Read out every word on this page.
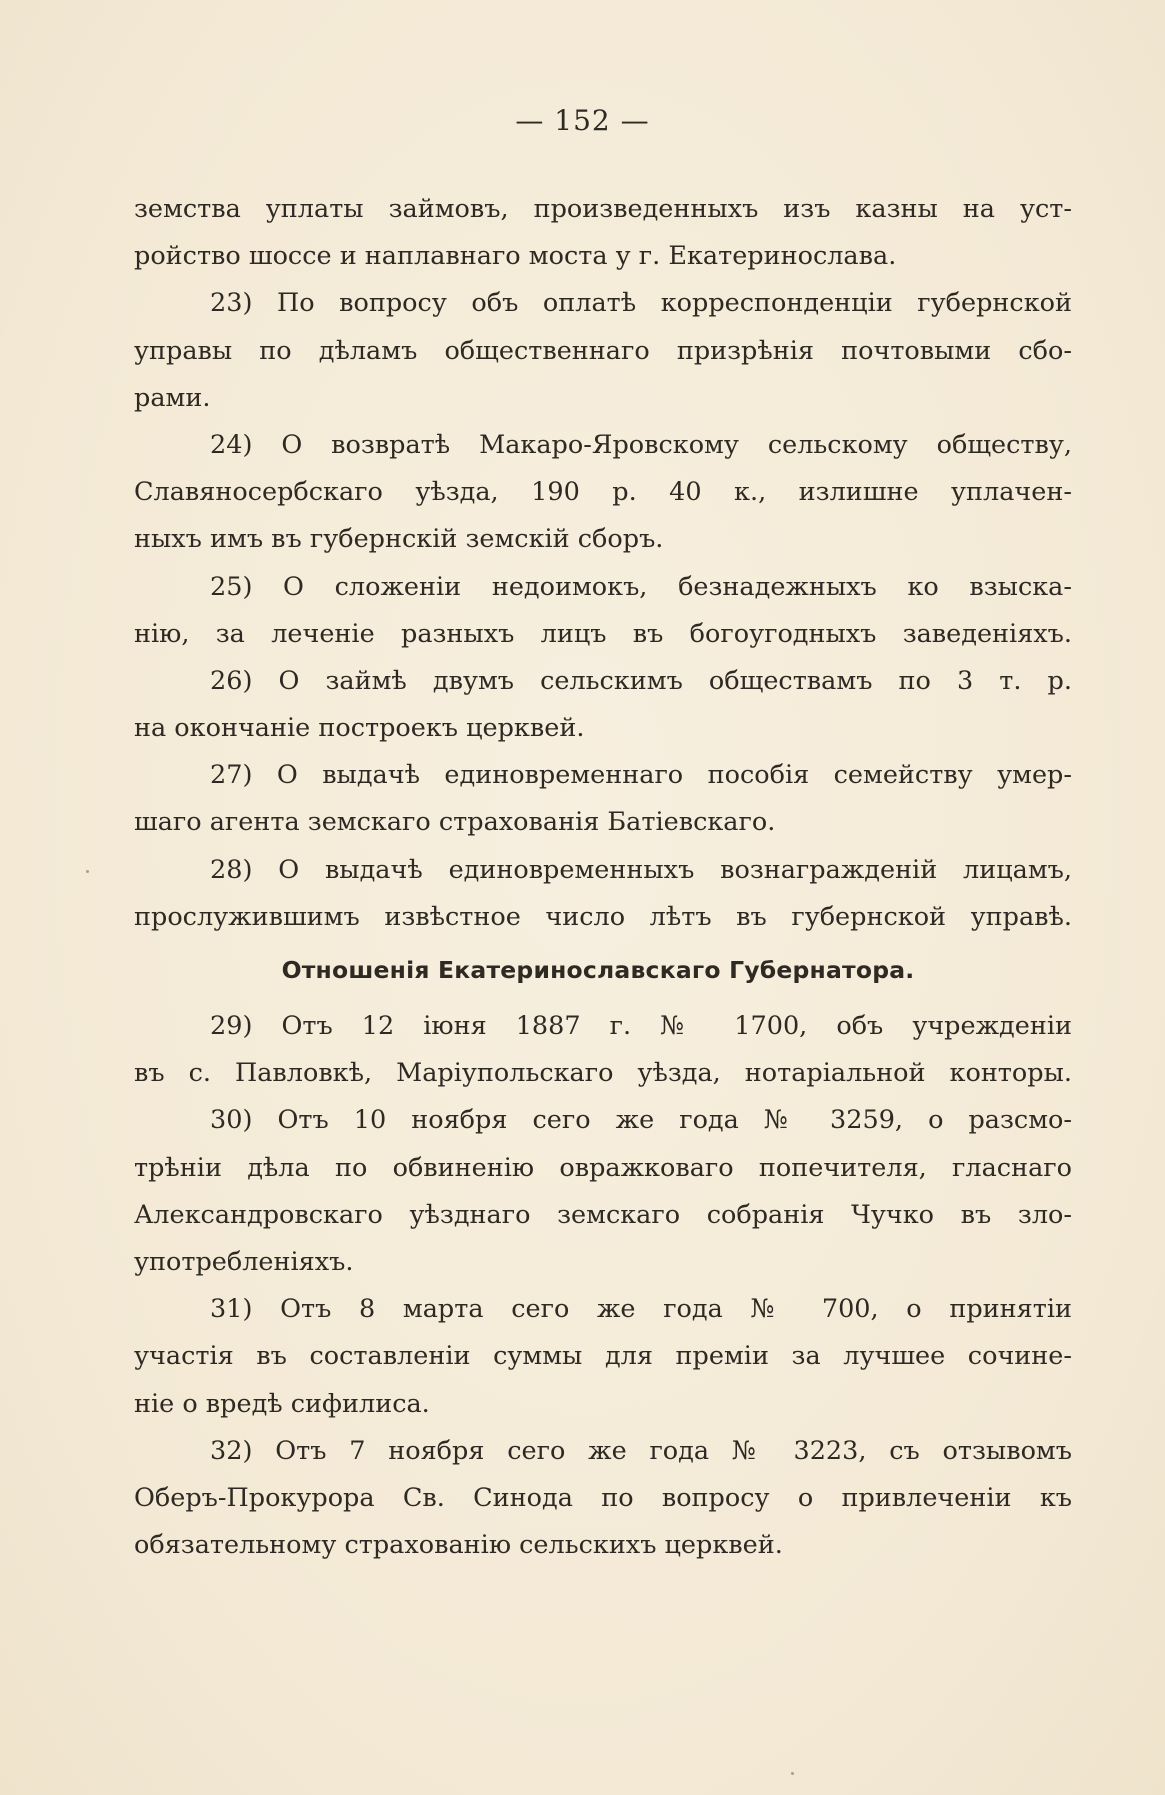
— 152 —
земства уплаты займовъ, произведенныхъ изъ казны на уст-
ройство шоссе и наплавнаго моста у г. Екатеринослава.
23) По вопросу объ оплатѣ корреспонденціи губернской
управы по дѣламъ общественнаго призрѣнія почтовыми сбо-
рами.
24) О возвратѣ Макаро-Яровскому сельскому обществу,
Славяносербскаго уѣзда, 190 р. 40 к., излишне уплачен-
ныхъ имъ въ губернскій земскій сборъ.
25) О сложеніи недоимокъ, безнадежныхъ ко взыска-
нію, за леченіе разныхъ лицъ въ богоугодныхъ заведеніяхъ.
26) О займѣ двумъ сельскимъ обществамъ по 3 т. р.
на окончаніе построекъ церквей.
27) О выдачѣ единовременнаго пособія семейству умер-
шаго агента земскаго страхованія Батіевскаго.
28) О выдачѣ единовременныхъ вознагражденій лицамъ,
прослужившимъ извѣстное число лѣтъ въ губернской управѣ.
Отношенія Екатеринославскаго Губернатора.
29) Отъ 12 іюня 1887 г. № 1700, объ учрежденіи
въ с. Павловкѣ, Маріупольскаго уѣзда, нотаріальной конторы.
30) Отъ 10 ноября сего же года № 3259, о разсмо-
трѣніи дѣла по обвиненію овражковаго попечителя, гласнаго
Александровскаго уѣзднаго земскаго собранія Чучко въ зло-
употребленіяхъ.
31) Отъ 8 марта сего же года № 700, о принятіи
участія въ составленіи суммы для преміи за лучшее сочине-
ніе о вредѣ сифилиса.
32) Отъ 7 ноября сего же года № 3223, съ отзывомъ
Оберъ-Прокурора Св. Синода по вопросу о привлеченіи къ
обязательному страхованію сельскихъ церквей.
